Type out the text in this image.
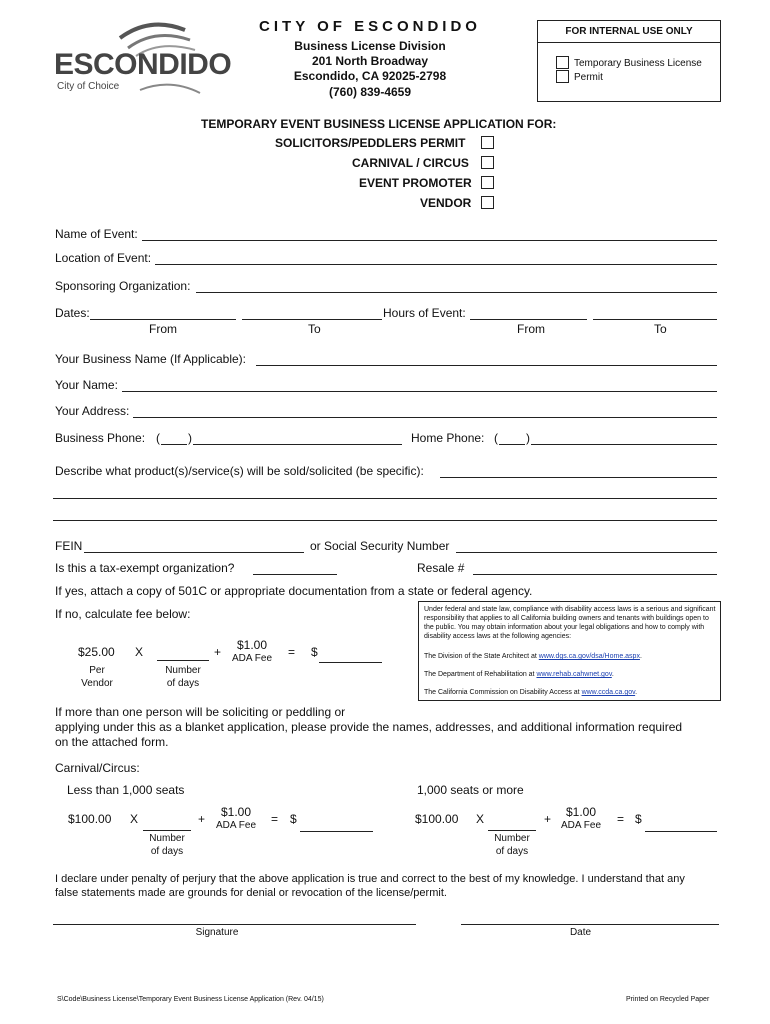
ESCONDIDO
City of Choice
CITY OF ESCONDIDO
Business License Division
201 North Broadway
Escondido, CA 92025-2798
(760) 839-4659
FOR INTERNAL USE ONLY
Temporary Business License
Permit
TEMPORARY EVENT BUSINESS LICENSE APPLICATION FOR:
SOLICITORS/PEDDLERS PERMIT
CARNIVAL / CIRCUS
EVENT PROMOTER
VENDOR
Name of Event:
Location of Event:
Sponsoring Organization:
Dates:	Hours of Event:
From	To	From	To
Your Business Name (If Applicable):
Your Name:
Your Address:
Business Phone: ( )	Home Phone: ( )
Describe what product(s)/service(s) will be sold/solicited (be specific):
FEIN	or Social Security Number
Is this a tax-exempt organization?	Resale #
If yes, attach a copy of 501C or appropriate documentation from a state or federal agency.
If no, calculate fee below:
$25.00 X	+ $1.00
ADA Fee = $
Per
Vendor
Number
of days
Under federal and state law, compliance with disability access laws is a serious and significant responsibility that applies to all California building owners and tenants with buildings open to the public. You may obtain information about your legal obligations and how to comply with disability access laws at the following agencies:
The Division of the State Architect at www.dgs.ca.gov/dsa/Home.aspx.
The Department of Rehabilitation at www.rehab.cahwnet.gov.
The California Commission on Disability Access at www.ccda.ca.gov.
If more than one person will be soliciting or peddling or
applying under this as a blanket application, please provide the names, addresses, and additional information required
on the attached form.
Carnival/Circus:
Less than 1,000 seats	1,000 seats or more
$100.00 X	+ $1.00
ADA Fee = $
Number
of days
$100.00 X	+ $1.00
ADA Fee = $
Number
of days
I declare under penalty of perjury that the above application is true and correct to the best of my knowledge. I understand that any
false statements made are grounds for denial or revocation of the license/permit.
Signature	Date
S\Code\Business License\Temporary Event Business License Application (Rev. 04/15)	Printed on Recycled Paper
